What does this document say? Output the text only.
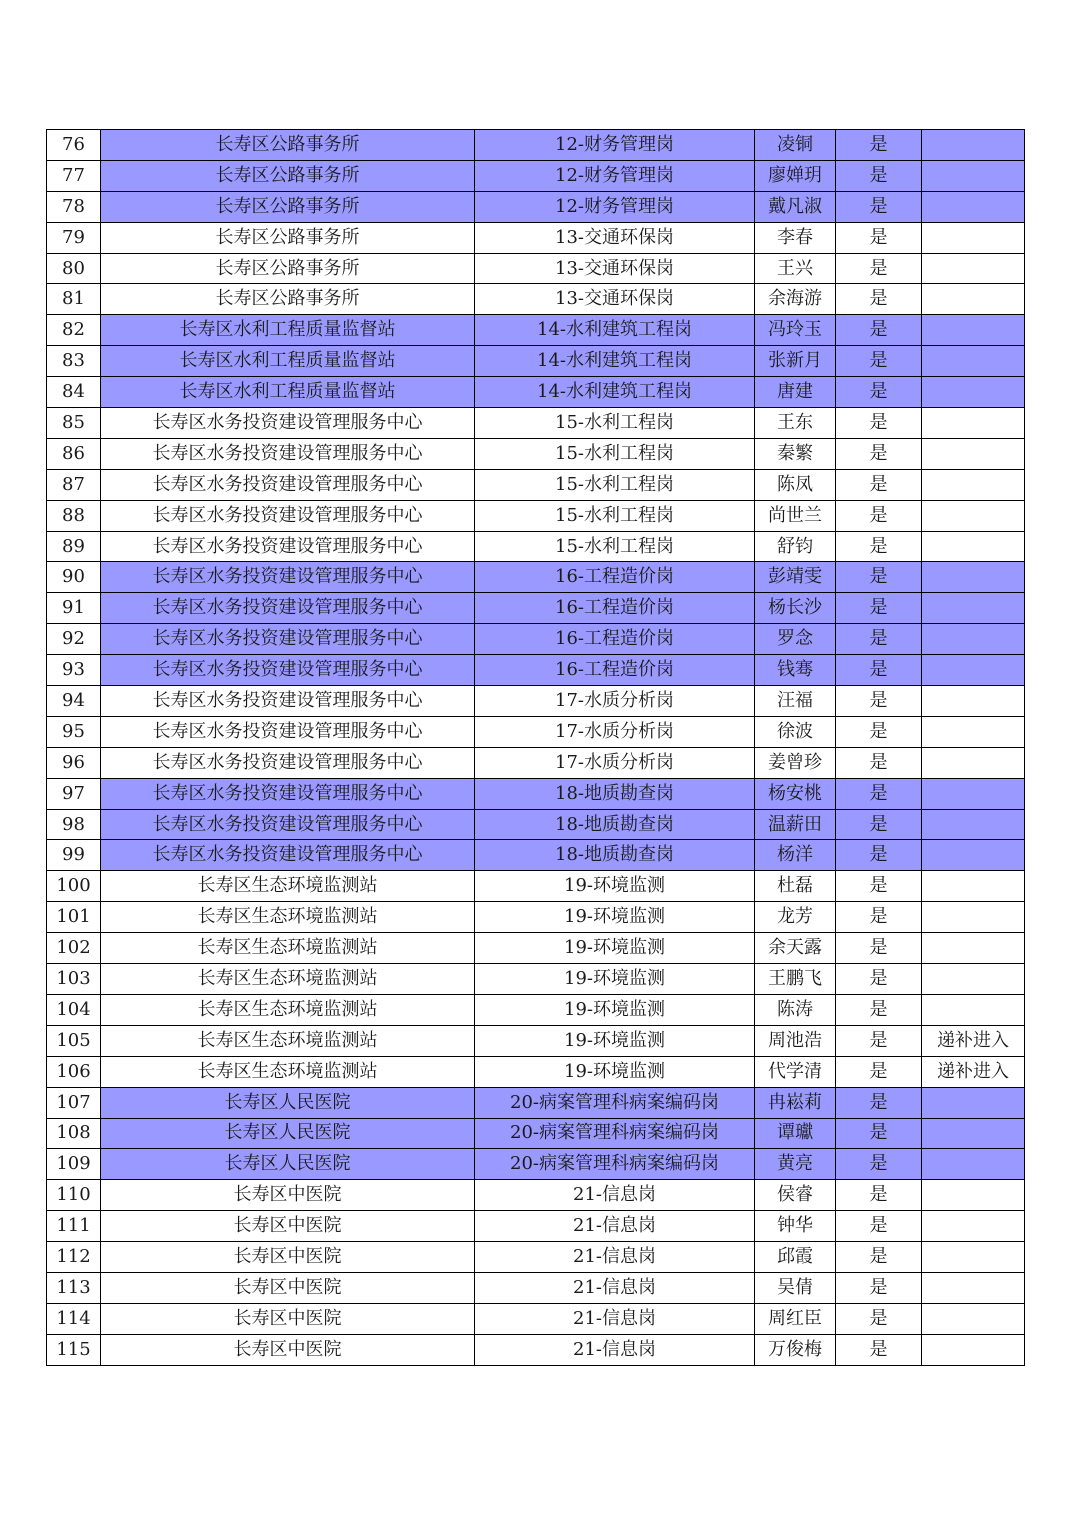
76	长寿区公路事务所	12-财务管理岗	凌铜	是	
77	长寿区公路事务所	12-财务管理岗	廖婵玥	是	
78	长寿区公路事务所	12-财务管理岗	戴凡淑	是	
79	长寿区公路事务所	13-交通环保岗	李春	是	
80	长寿区公路事务所	13-交通环保岗	王兴	是	
81	长寿区公路事务所	13-交通环保岗	余海游	是	
82	长寿区水利工程质量监督站	14-水利建筑工程岗	冯玲玉	是	
83	长寿区水利工程质量监督站	14-水利建筑工程岗	张新月	是	
84	长寿区水利工程质量监督站	14-水利建筑工程岗	唐建	是	
85	长寿区水务投资建设管理服务中心	15-水利工程岗	王东	是	
86	长寿区水务投资建设管理服务中心	15-水利工程岗	秦繁	是	
87	长寿区水务投资建设管理服务中心	15-水利工程岗	陈凤	是	
88	长寿区水务投资建设管理服务中心	15-水利工程岗	尚世兰	是	
89	长寿区水务投资建设管理服务中心	15-水利工程岗	舒钧	是	
90	长寿区水务投资建设管理服务中心	16-工程造价岗	彭靖雯	是	
91	长寿区水务投资建设管理服务中心	16-工程造价岗	杨长沙	是	
92	长寿区水务投资建设管理服务中心	16-工程造价岗	罗念	是	
93	长寿区水务投资建设管理服务中心	16-工程造价岗	钱骞	是	
94	长寿区水务投资建设管理服务中心	17-水质分析岗	汪福	是	
95	长寿区水务投资建设管理服务中心	17-水质分析岗	徐波	是	
96	长寿区水务投资建设管理服务中心	17-水质分析岗	姜曾珍	是	
97	长寿区水务投资建设管理服务中心	18-地质勘查岗	杨安桃	是	
98	长寿区水务投资建设管理服务中心	18-地质勘查岗	温薪田	是	
99	长寿区水务投资建设管理服务中心	18-地质勘查岗	杨洋	是	
100	长寿区生态环境监测站	19-环境监测	杜磊	是	
101	长寿区生态环境监测站	19-环境监测	龙芳	是	
102	长寿区生态环境监测站	19-环境监测	余天露	是	
103	长寿区生态环境监测站	19-环境监测	王鹏飞	是	
104	长寿区生态环境监测站	19-环境监测	陈涛	是	
105	长寿区生态环境监测站	19-环境监测	周池浩	是	递补进入
106	长寿区生态环境监测站	19-环境监测	代学清	是	递补进入
107	长寿区人民医院	20-病案管理科病案编码岗	冉崧莉	是	
108	长寿区人民医院	20-病案管理科病案编码岗	谭瓛	是	
109	长寿区人民医院	20-病案管理科病案编码岗	黄亮	是	
110	长寿区中医院	21-信息岗	侯睿	是	
111	长寿区中医院	21-信息岗	钟华	是	
112	长寿区中医院	21-信息岗	邱霞	是	
113	长寿区中医院	21-信息岗	吴倩	是	
114	长寿区中医院	21-信息岗	周红臣	是	
115	长寿区中医院	21-信息岗	万俊梅	是	
